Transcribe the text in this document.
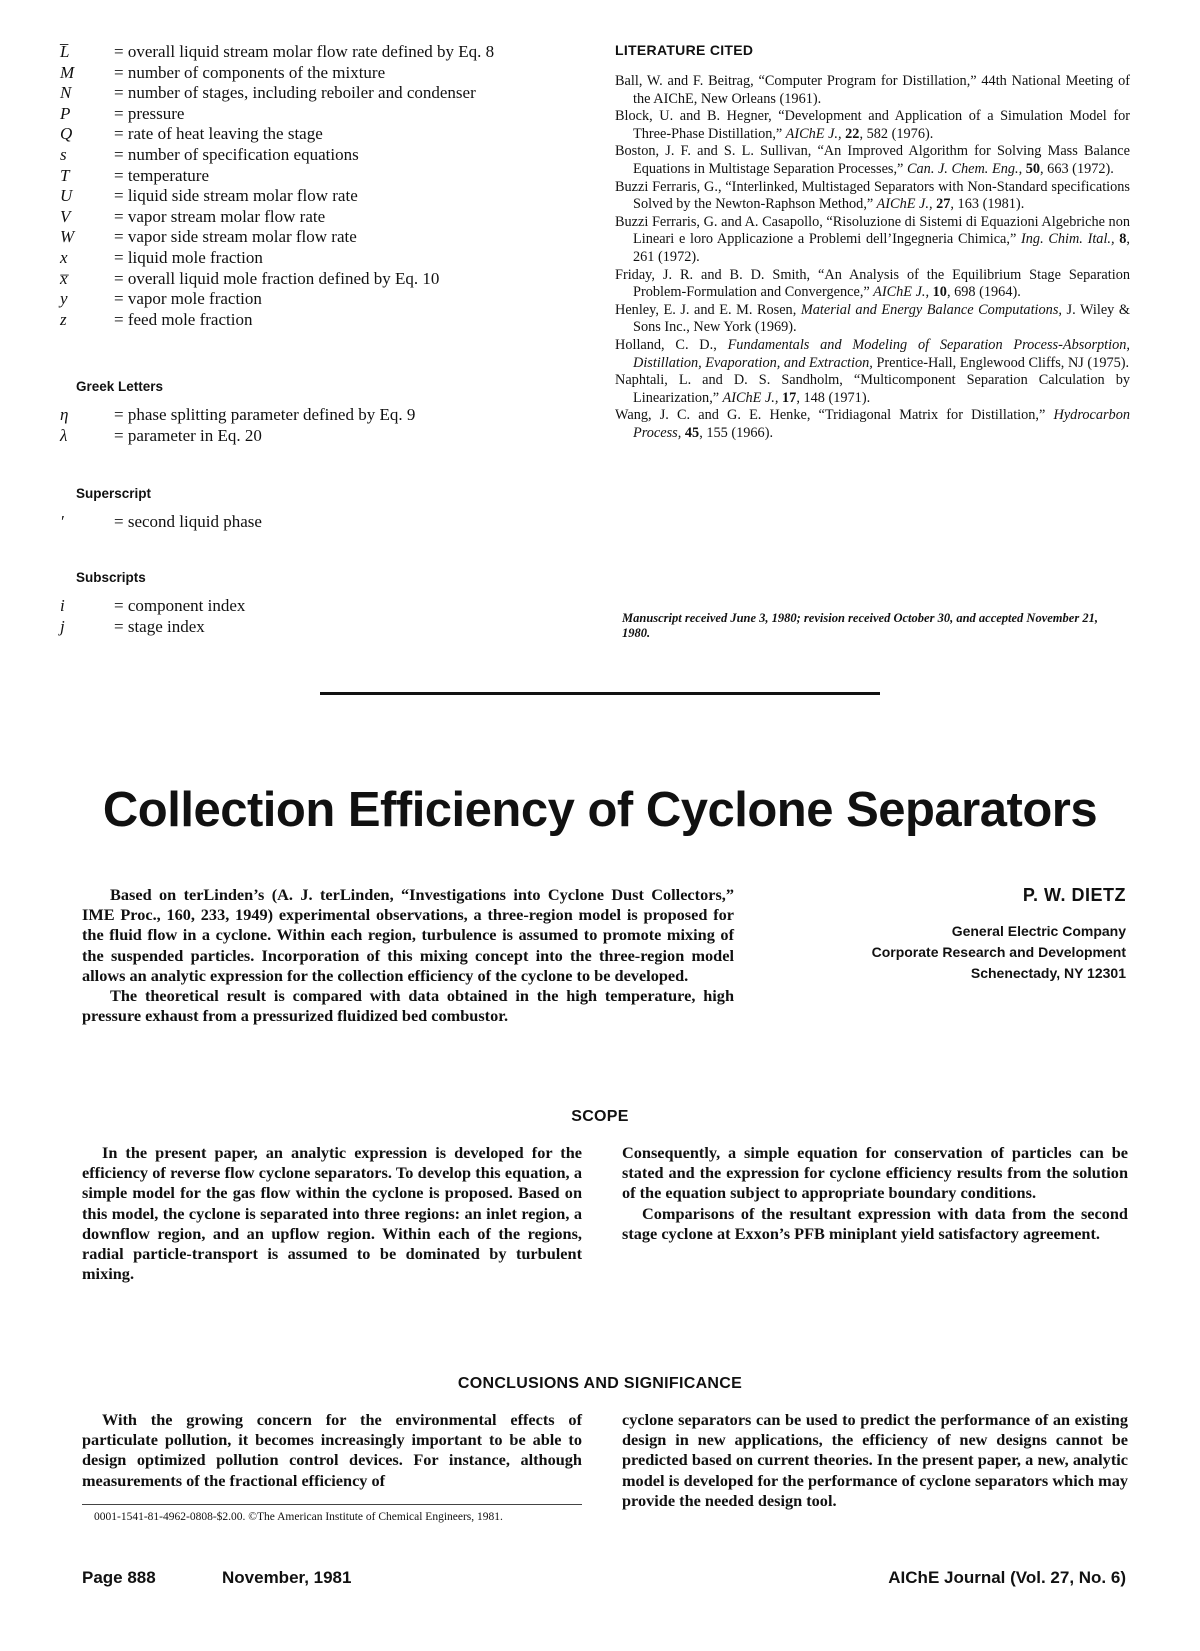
L̅	= overall liquid stream molar flow rate defined by Eq. 8
M	= number of components of the mixture
N	= number of stages, including reboiler and condenser
P	= pressure
Q	= rate of heat leaving the stage
s	= number of specification equations
T	= temperature
U	= liquid side stream molar flow rate
V	= vapor stream molar flow rate
W	= vapor side stream molar flow rate
x	= liquid mole fraction
x̅	= overall liquid mole fraction defined by Eq. 10
y	= vapor mole fraction
z	= feed mole fraction
Greek Letters
η	= phase splitting parameter defined by Eq. 9
λ	= parameter in Eq. 20
Superscript
′	= second liquid phase
Subscripts
i	= component index
j	= stage index
LITERATURE CITED

Ball, W. and F. Beitrag, “Computer Program for Distillation,” 44th National Meeting of the AIChE, New Orleans (1961).

Block, U. and B. Hegner, “Development and Application of a Simulation Model for Three-Phase Distillation,” AIChE J., 22, 582 (1976).

Boston, J. F. and S. L. Sullivan, “An Improved Algorithm for Solving Mass Balance Equations in Multistage Separation Processes,” Can. J. Chem. Eng., 50, 663 (1972).

Buzzi Ferraris, G., “Interlinked, Multistaged Separators with Non-Standard specifications Solved by the Newton-Raphson Method,” AIChE J., 27, 163 (1981).

Buzzi Ferraris, G. and A. Casapollo, “Risoluzione di Sistemi di Equazioni Algebriche non Lineari e loro Applicazione a Problemi dell’Ingegneria Chimica,” Ing. Chim. Ital., 8, 261 (1972).

Friday, J. R. and B. D. Smith, “An Analysis of the Equilibrium Stage Separation Problem-Formulation and Convergence,” AIChE J., 10, 698 (1964).

Henley, E. J. and E. M. Rosen, Material and Energy Balance Computations, J. Wiley & Sons Inc., New York (1969).

Holland, C. D., Fundamentals and Modeling of Separation Process-Absorption, Distillation, Evaporation, and Extraction, Prentice-Hall, Englewood Cliffs, NJ (1975).

Naphtali, L. and D. S. Sandholm, “Multicomponent Separation Calculation by Linearization,” AIChE J., 17, 148 (1971).

Wang, J. C. and G. E. Henke, “Tridiagonal Matrix for Distillation,” Hydrocarbon Process, 45, 155 (1966).

Manuscript received June 3, 1980; revision received October 30, and accepted November 21, 1980.
Collection Efficiency of Cyclone Separators

Based on terLinden’s (A. J. terLinden, “Investigations into Cyclone Dust Collectors,” IME Proc., 160, 233, 1949) experimental observations, a three-region model is proposed for the fluid flow in a cyclone. Within each region, turbulence is assumed to promote mixing of the suspended particles. Incorporation of this mixing concept into the three-region model allows an analytic expression for the collection efficiency of the cyclone to be developed.

The theoretical result is compared with data obtained in the high temperature, high pressure exhaust from a pressurized fluidized bed combustor.

P. W. DIETZ
General Electric Company
Corporate Research and Development
Schenectady, NY 12301
SCOPE

In the present paper, an analytic expression is developed for the efficiency of reverse flow cyclone separators. To develop this equation, a simple model for the gas flow within the cyclone is proposed. Based on this model, the cyclone is separated into three regions: an inlet region, a downflow region, and an upflow region. Within each of the regions, radial particle-transport is assumed to be dominated by turbulent mixing.

Consequently, a simple equation for conservation of particles can be stated and the expression for cyclone efficiency results from the solution of the equation subject to appropriate boundary conditions.

Comparisons of the resultant expression with data from the second stage cyclone at Exxon’s PFB miniplant yield satisfactory agreement.

CONCLUSIONS AND SIGNIFICANCE

With the growing concern for the environmental effects of particulate pollution, it becomes increasingly important to be able to design optimized pollution control devices. For instance, although measurements of the fractional efficiency of

cyclone separators can be used to predict the performance of an existing design in new applications, the efficiency of new designs cannot be predicted based on current theories. In the present paper, a new, analytic model is developed for the performance of cyclone separators which may provide the needed design tool.

0001-1541-81-4962-0808-$2.00. ©The American Institute of Chemical Engineers, 1981.
Page 888	November, 1981	AIChE Journal (Vol. 27, No. 6)
